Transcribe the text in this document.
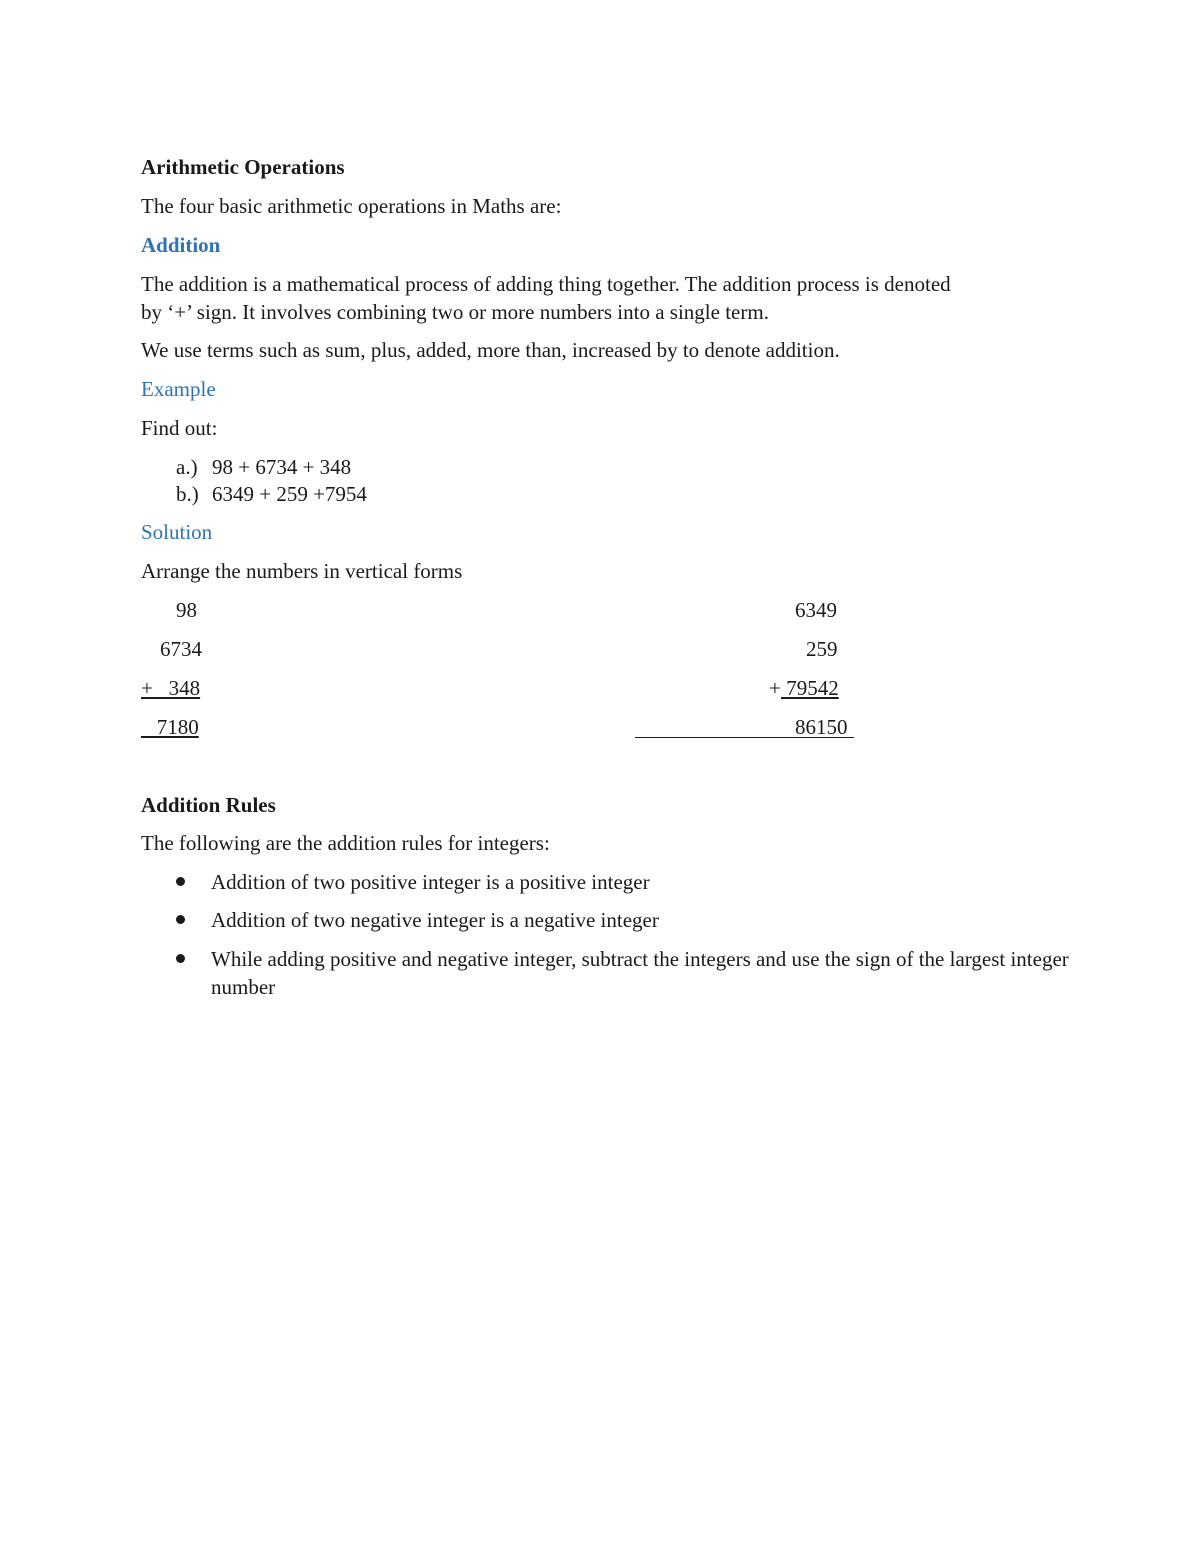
Arithmetic Operations
The four basic arithmetic operations in Maths are:
Addition
The addition is a mathematical process of adding thing together. The addition process is denoted
by ‘+’ sign. It involves combining two or more numbers into a single term.
We use terms such as sum, plus, added, more than, increased by to denote addition.
Example
Find out:
a.) 98 + 6734 + 348
b.) 6349 + 259 +7954
Solution
Arrange the numbers in vertical forms
98
6734
+   348
7180
6349
259
+ 79542
86150
Addition Rules
The following are the addition rules for integers:
Addition of two positive integer is a positive integer
Addition of two negative integer is a negative integer
While adding positive and negative integer, subtract the integers and use the sign of the largest integer number
